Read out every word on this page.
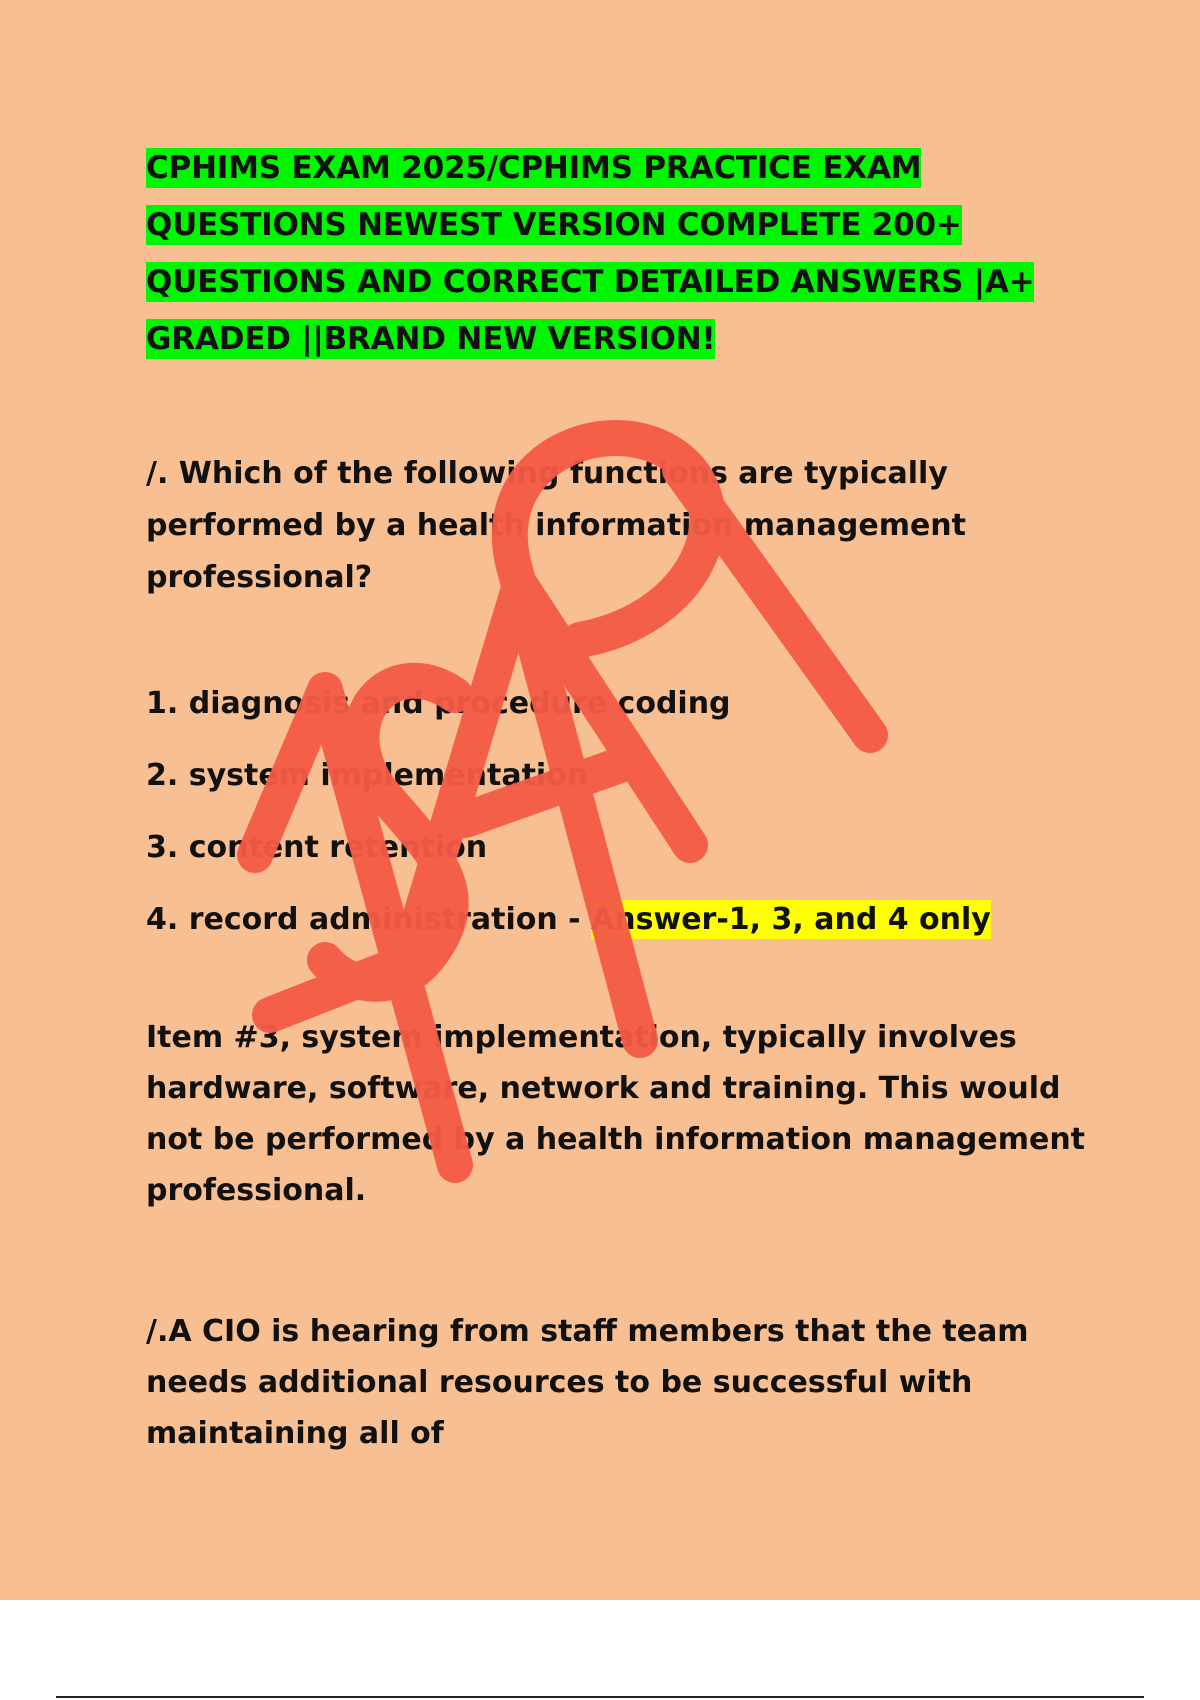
CPHIMS EXAM 2025/CPHIMS PRACTICE EXAM
QUESTIONS NEWEST VERSION COMPLETE 200+
QUESTIONS AND CORRECT DETAILED ANSWERS |A+
GRADED ||BRAND NEW VERSION!
/. Which of the following functions are typically performed by a health information management professional?
1. diagnosis and procedure coding
2. system implementation
3. content retention
4. record administration - Answer-1, 3, and 4 only
Item #3, system implementation, typically involves hardware, software, network and training. This would not be performed by a health information management professional.
/.A CIO is hearing from staff members that the team needs additional resources to be successful with maintaining all of
